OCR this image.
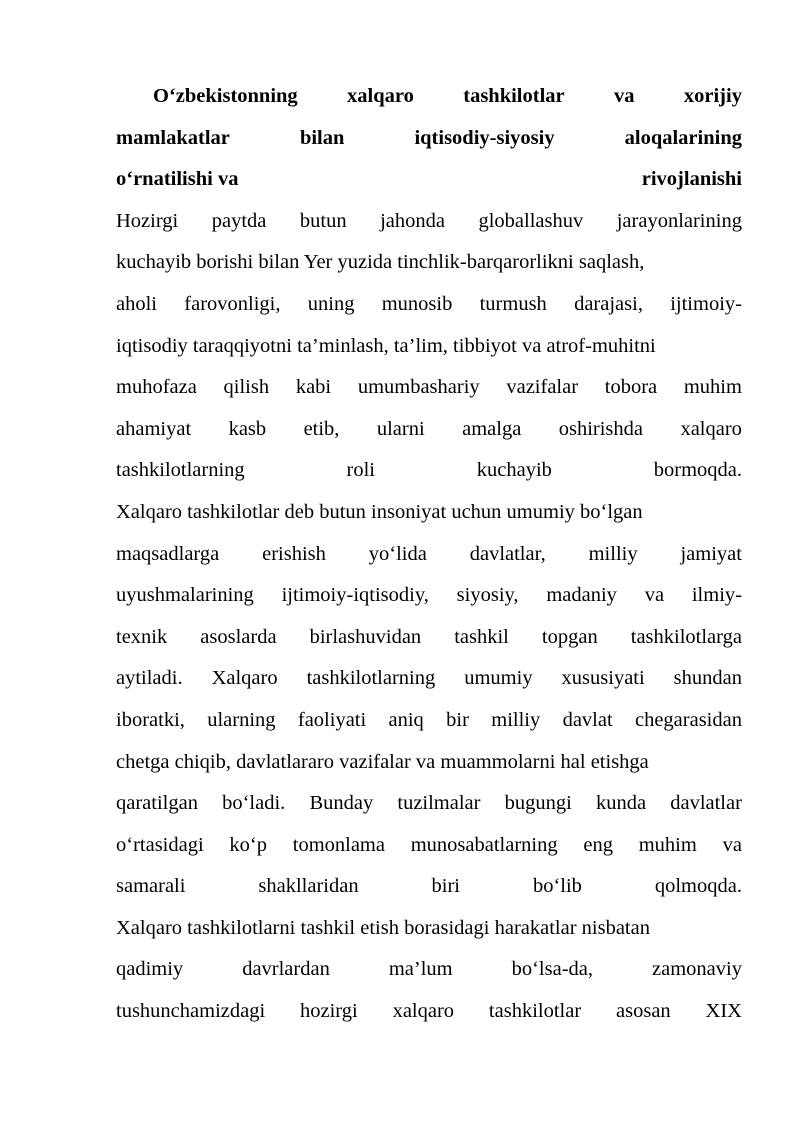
O‘zbekistonning xalqaro tashkilotlar va xorijiy
mamlakatlar	bilan	iqtisodiy-siyosiy	aloqalarining
o‘rnatilishi va	rivojlanishi
Hozirgi paytda butun jahonda globallashuv jarayonlarining
kuchayib borishi bilan Yer yuzida tinchlik-barqarorlikni saqlash,
aholi farovonligi, uning munosib turmush darajasi, ijtimoiy-
iqtisodiy taraqqiyotni ta’minlash, ta’lim, tibbiyot va atrof-muhitni
muhofaza qilish kabi umumbashariy vazifalar tobora muhim
ahamiyat kasb etib, ularni amalga oshirishda xalqaro
tashkilotlarning	roli	kuchayib	bormoqda.
Xalqaro tashkilotlar deb butun insoniyat uchun umumiy bo‘lgan
maqsadlarga erishish yo‘lida davlatlar, milliy jamiyat
uyushmalarining ijtimoiy-iqtisodiy, siyosiy, madaniy va ilmiy-
texnik asoslarda birlashuvidan tashkil topgan tashkilotlarga
aytiladi. Xalqaro tashkilotlarning umumiy xususiyati shundan
iboratki, ularning faoliyati aniq bir milliy davlat chegarasidan
chetga chiqib, davlatlararo vazifalar va muammolarni hal etishga
qaratilgan bo‘ladi. Bunday tuzilmalar bugungi kunda davlatlar
o‘rtasidagi ko‘p tomonlama munosabatlarning eng muhim va
samarali	shakllaridan	biri	bo‘lib	qolmoqda.
Xalqaro tashkilotlarni tashkil etish borasidagi harakatlar nisbatan
qadimiy	davrlardan	ma’lum	bo‘lsa-da,	zamonaviy
tushunchamizdagi hozirgi xalqaro tashkilotlar asosan XIX
